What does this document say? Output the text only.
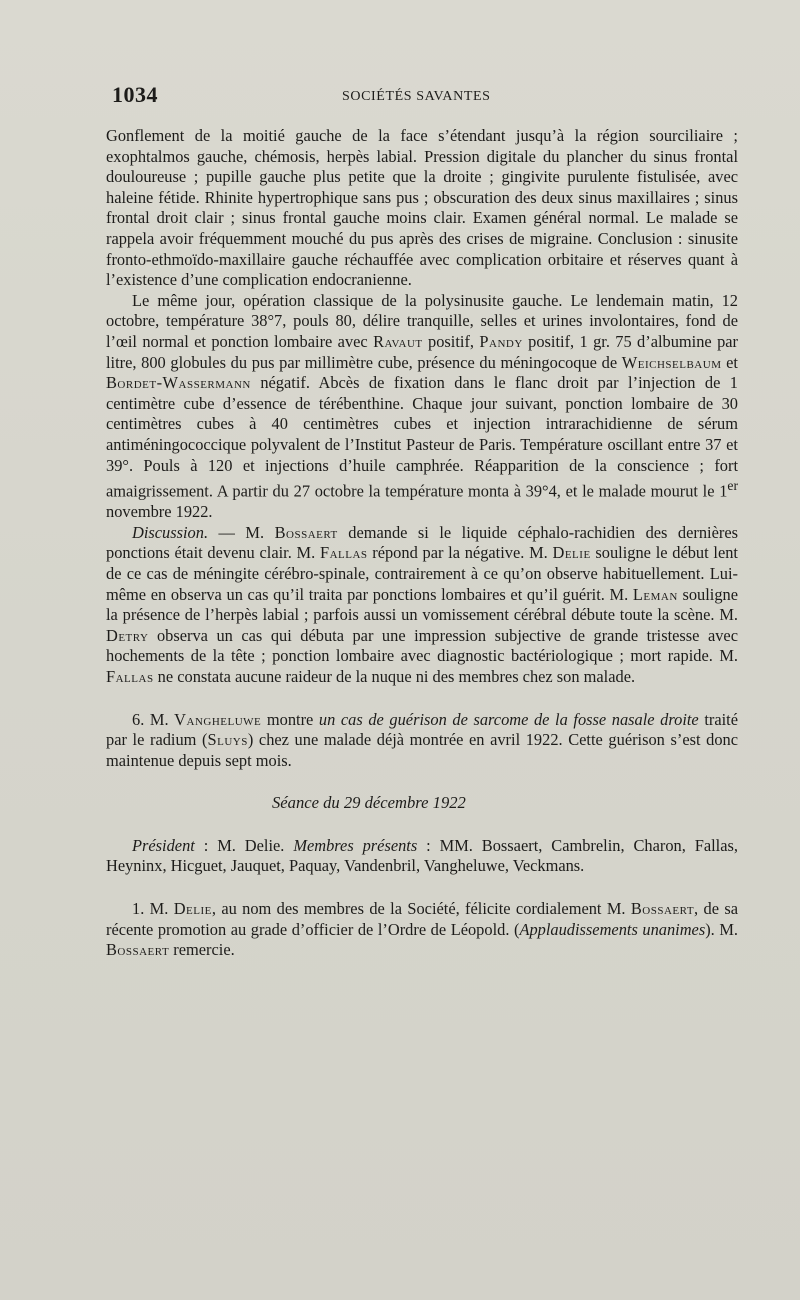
1034	SOCIÉTÉS SAVANTES

Gonflement de la moitié gauche de la face s’étendant jusqu’à la région sourciliaire ; exophtalmos gauche, chémosis, herpès labial. Pression digitale du plancher du sinus frontal douloureuse ; pupille gauche plus petite que la droite ; gingivite purulente fistulisée, avec haleine fétide. Rhinite hypertrophique sans pus ; obscuration des deux sinus maxillaires ; sinus frontal droit clair ; sinus frontal gauche moins clair. Examen général normal. Le malade se rappela avoir fréquemment mouché du pus après des crises de migraine. Conclusion : sinusite fronto-ethmoïdo-maxillaire gauche réchauffée avec complication orbitaire et réserves quant à l’existence d’une complication endocranienne.

Le même jour, opération classique de la polysinusite gauche. Le lendemain matin, 12 octobre, température 38°7, pouls 80, délire tranquille, selles et urines involontaires, fond de l’œil normal et ponction lombaire avec Ravaut positif, Pandy positif, 1 gr. 75 d’albumine par litre, 800 globules du pus par millimètre cube, présence du méningocoque de Weichselbaum et Bordet-Wassermann négatif. Abcès de fixation dans le flanc droit par l’injection de 1 centimètre cube d’essence de térébenthine. Chaque jour suivant, ponction lombaire de 30 centimètres cubes à 40 centimètres cubes et injection intrarachidienne de sérum antiméningococcique polyvalent de l’Institut Pasteur de Paris. Température oscillant entre 37 et 39°. Pouls à 120 et injections d’huile camphrée. Réapparition de la conscience ; fort amaigrissement. A partir du 27 octobre la température monta à 39°4, et le malade mourut le 1er novembre 1922.

Discussion. — M. Bossaert demande si le liquide céphalo-rachidien des dernières ponctions était devenu clair. M. Fallas répond par la négative. M. Delie souligne le début lent de ce cas de méningite cérébro-spinale, contrairement à ce qu’on observe habituellement. Lui-même en observa un cas qu’il traita par ponctions lombaires et qu’il guérit. M. Leman souligne la présence de l’herpès labial ; parfois aussi un vomissement cérébral débute toute la scène. M. Detry observa un cas qui débuta par une impression subjective de grande tristesse avec hochements de la tête ; ponction lombaire avec diagnostic bactériologique ; mort rapide. M. Fallas ne constata aucune raideur de la nuque ni des membres chez son malade.

6. M. Vangheluwe montre un cas de guérison de sarcome de la fosse nasale droite traité par le radium (Sluys) chez une malade déjà montrée en avril 1922. Cette guérison s’est donc maintenue depuis sept mois.

Séance du 29 décembre 1922

Président : M. Delie. Membres présents : MM. Bossaert, Cambrelin, Charon, Fallas, Heyninx, Hicguet, Jauquet, Paquay, Vandenbril, Vangheluwe, Veckmans.

1. M. Delie, au nom des membres de la Société, félicite cordialement M. Bossaert, de sa récente promotion au grade d’officier de l’Ordre de Léopold. (Applaudissements unanimes). M. Bossaert remercie.
